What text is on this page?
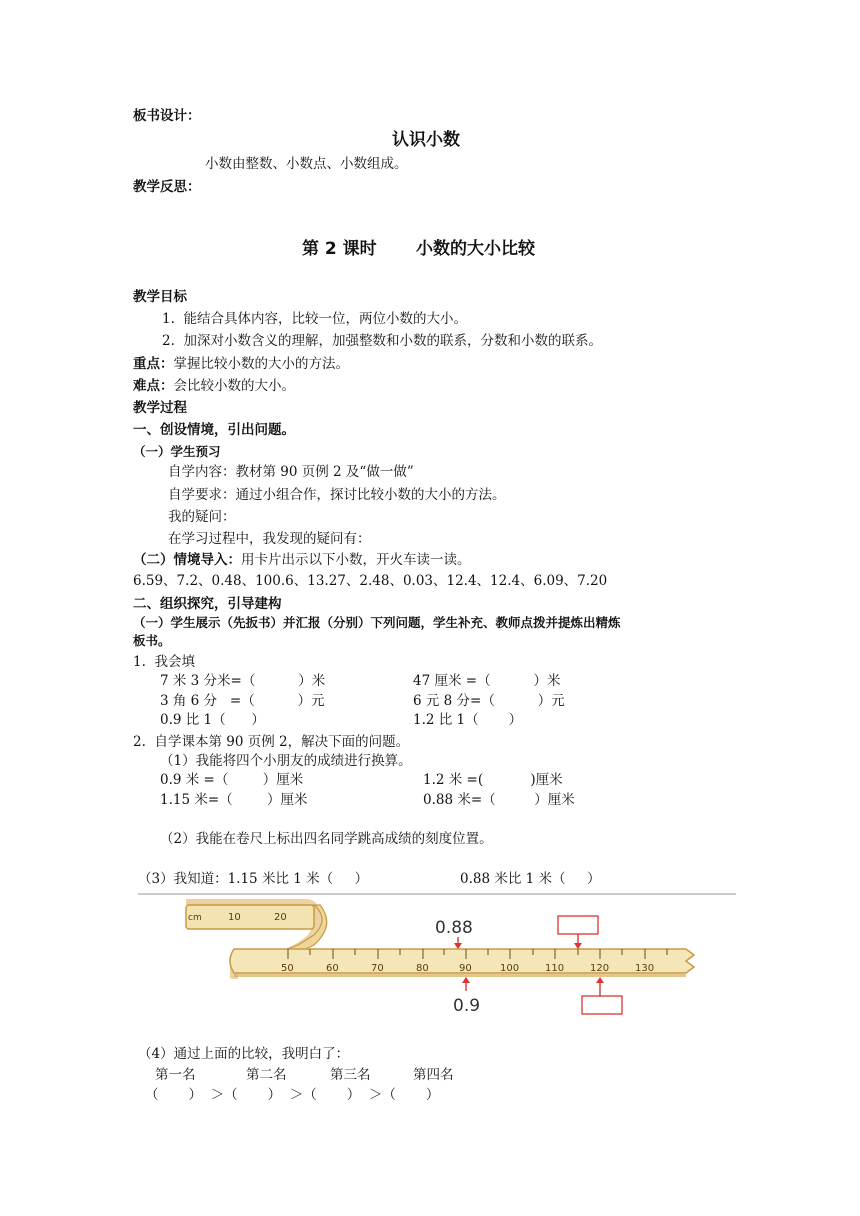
板书设计：
认识小数
小数由整数、小数点、小数组成。
教学反思：
第 2 课时 小数的大小比较
教学目标
1.  能结合具体内容，比较一位，两位小数的大小。
2.  加深对小数含义的理解，加强整数和小数的联系，分数和小数的联系。
重点：掌握比较小数的大小的方法。
难点：会比较小数的大小。
教学过程
一、创设情境，引出问题。
（一）学生预习
自学内容：教材第 90 页例 2 及“做一做”
自学要求：通过小组合作，探讨比较小数的大小的方法。
我的疑问：
在学习过程中，我发现的疑问有：
（二）情境导入：用卡片出示以下小数，开火车读一读。
6.59、7.2、0.48、100.6、13.27、2.48、0.03、12.4、12.4、6.09、7.20
二、组织探究，引导建构
（一）学生展示（先扳书）并汇报（分别）下列问题，学生补充、教师点拨并提炼出精炼
板书。
1.  我会填
7 米 3 分米=（          ）米	47 厘米 =（          ）米
3 角 6 分   =（          ）元	6 元 8 分=（          ）元
0.9 比 1（      ）	1.2 比 1（       ）
2.  自学课本第 90 页例 2，解决下面的问题。
（1）我能将四个小朋友的成绩进行换算。
0.9 米 =（        ）厘米	1.2 米 =(           )厘米
1.15 米=（        ）厘米	0.88 米=（         ）厘米
（2）我能在卷尺上标出四名同学跳高成绩的刻度位置。
（3）我知道：1.15 米比 1 米（     ）	0.88 米比 1 米（     ）
cm	10	20
50	60	70	80	90	100	110	120	130
0.88
0.9
（4）通过上面的比较，我明白了：
第一名	第二名	第三名	第四名
（       ）  ＞（       ）  ＞（       ）  ＞（       ）
